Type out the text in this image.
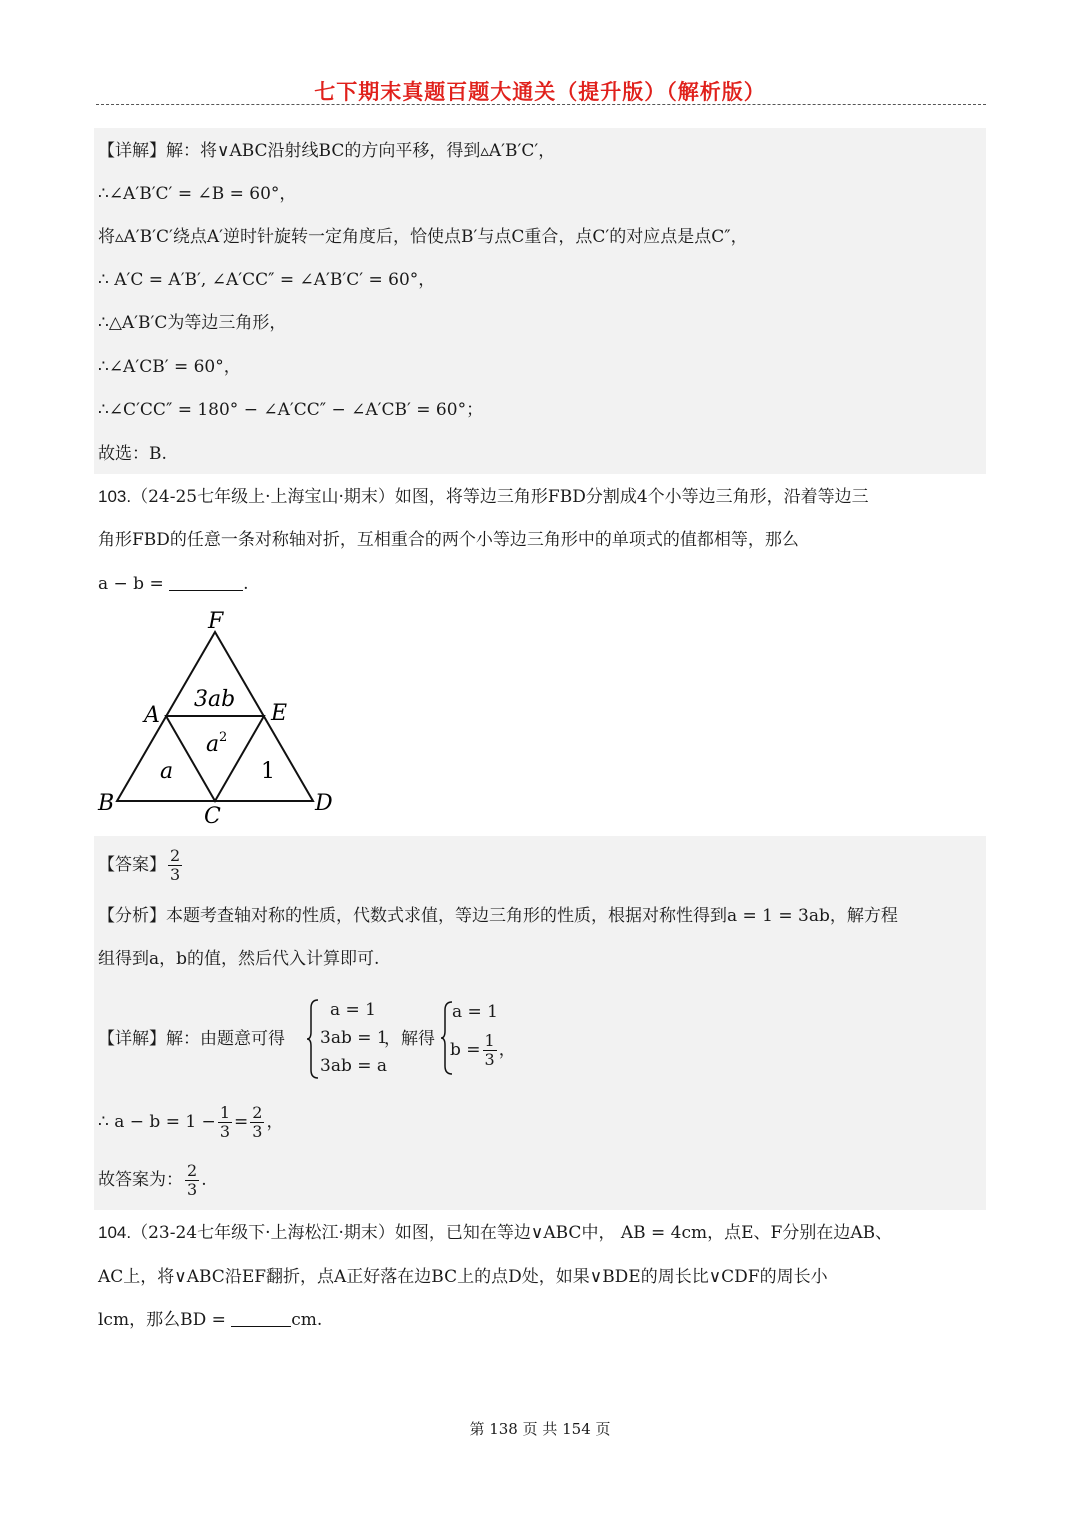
七下期末真题百题大通关（提升版）（解析版）
【详解】解：将∨ABC沿射线BC的方向平移，得到▵A′B′C′，
∴∠A′B′C′ = ∠B = 60°，
将▵A′B′C′绕点A′逆时针旋转一定角度后，恰使点B′与点C重合，点C′的对应点是点C″，
∴ A′C = A′B′, ∠A′CC″ = ∠A′B′C′ = 60°，
∴△A′B′C为等边三角形，
∴∠A′CB′ = 60°，
∴∠C′CC″ = 180° − ∠A′CC″ − ∠A′CB′ = 60°；
故选：B.
103.（24-25七年级上·上海宝山·期末）如图，将等边三角形FBD分割成4个小等边三角形，沿着等边三
角形FBD的任意一条对称轴对折，互相重合的两个小等边三角形中的单项式的值都相等，那么
a − b =	.
F
A	E
B
C
D
3ab
a 2
a	1
【答案】 $\frac{2}{3}$
【分析】本题考查轴对称的性质，代数式求值，等边三角形的性质，根据对称性得到a = 1 = 3ab，解方程
组得到a，b的值，然后代入计算即可.
【详解】解：由题意可得
a = 1
3ab = 1
3ab = a
，解得
a = 1
$b = \frac{1}{3}$ ，
∴ $a - b = 1 - \frac{1}{3} = \frac{2}{3}$ ，
故答案为： $\frac{2}{3}$ .
104.（23-24七年级下·上海松江·期末）如图，已知在等边∨ABC中， AB = 4cm，点E、F分别在边AB、
AC上，将∨ABC沿EF翻折，点A正好落在边BC上的点D处，如果∨BDE的周长比∨CDF的周长小
lcm，那么BD =	cm.
第 138 页 共 154 页
